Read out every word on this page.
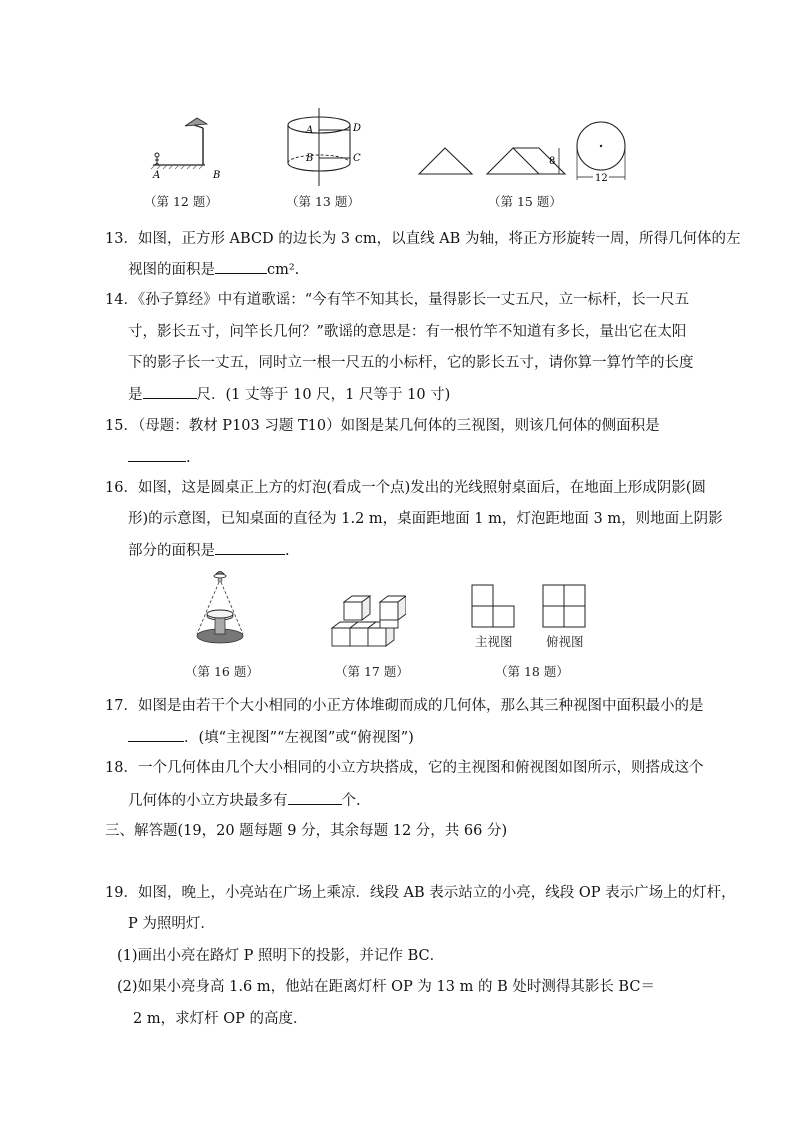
A	B
（第 12 题）
A
B
D
C
（第 13 题）
8
12
（第 15 题）
13．如图，正方形 ABCD 的边长为 3 cm，以直线 AB 为轴，将正方形旋转一周，所得几何体的左
视图的面积是	cm².
14．《孙子算经》中有道歌谣：“今有竿不知其长，量得影长一丈五尺，立一标杆，长一尺五
寸，影长五寸，问竿长几何？”歌谣的意思是：有一根竹竿不知道有多长，量出它在太阳
下的影子长一丈五，同时立一根一尺五的小标杆，它的影长五寸，请你算一算竹竿的长度
是	尺．(1 丈等于 10 尺，1 尺等于 10 寸)
15．（母题：教材 P103 习题 T10）如图是某几何体的三视图，则该几何体的侧面积是
.
16．如图，这是圆桌正上方的灯泡(看成一个点)发出的光线照射桌面后，在地面上形成阴影(圆
形)的示意图，已知桌面的直径为 1.2 m，桌面距地面 1 m，灯泡距地面 3 m，则地面上阴影
部分的面积是	.
（第 16 题）	（第 17 题）
主视图	俯视图
（第 18 题）
17．如图是由若干个大小相同的小正方体堆砌而成的几何体，那么其三种视图中面积最小的是
．(填“主视图”“左视图”或“俯视图”)
18．一个几何体由几个大小相同的小立方块搭成，它的主视图和俯视图如图所示，则搭成这个
几何体的小立方块最多有	个.
三、解答题(19，20 题每题 9 分，其余每题 12 分，共 66 分)
19．如图，晚上，小亮站在广场上乘凉．线段 AB 表示站立的小亮，线段 OP 表示广场上的灯杆，
P 为照明灯．
(1)画出小亮在路灯 P 照明下的投影，并记作 BC．
(2)如果小亮身高 1.6 m，他站在距离灯杆 OP 为 13 m 的 B 处时测得其影长 BC＝
2 m，求灯杆 OP 的高度．
